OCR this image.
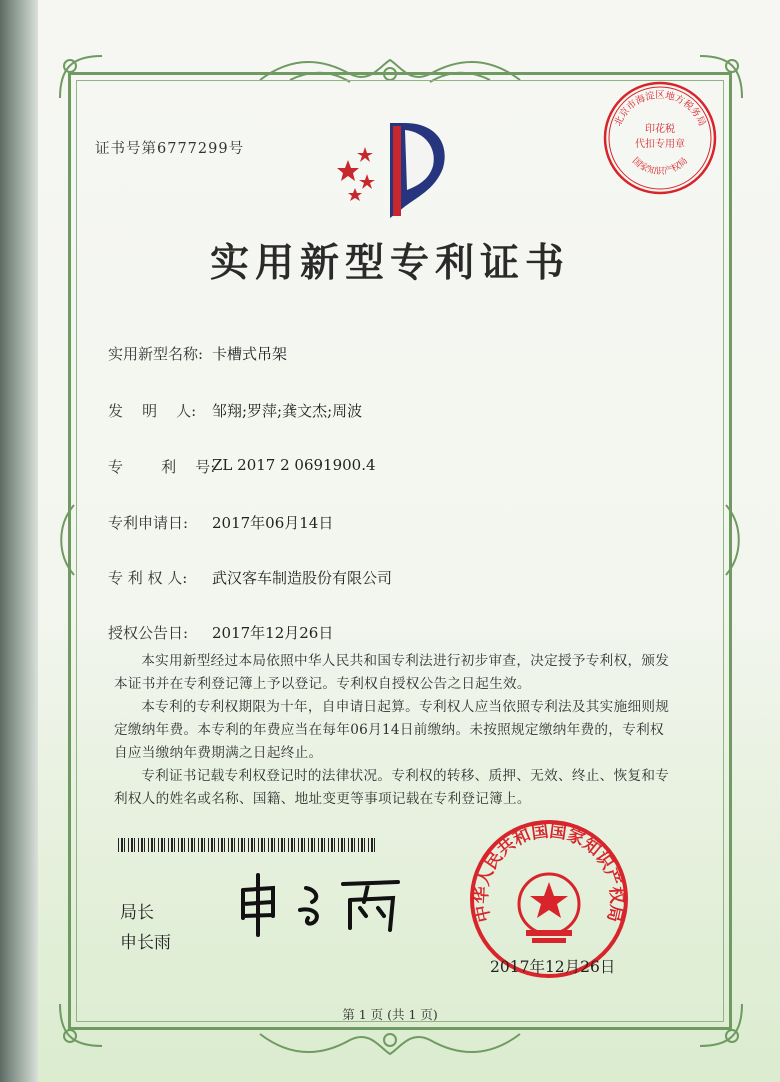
证书号第6777299号
实用新型专利证书
实用新型名称: 卡槽式吊架
发    明    人: 邹翔;罗萍;龚文杰;周波
专        利    号:
ZL 2017 2 0691900.4
专利申请日: 2017年06月14日
专 利 权 人: 武汉客车制造股份有限公司
授权公告日: 2017年12月26日

本实用新型经过本局依照中华人民共和国专利法进行初步审查，决定授予专利权，颁发本证书并在专利登记簿上予以登记。专利权自授权公告之日起生效。

本专利的专利权期限为十年，自申请日起算。专利权人应当依照专利法及其实施细则规定缴纳年费。本专利的年费应当在每年06月14日前缴纳。未按照规定缴纳年费的，专利权自应当缴纳年费期满之日起终止。

专利证书记载专利权登记时的法律状况。专利权的转移、质押、无效、终止、恢复和专利权人的姓名或名称、国籍、地址变更等事项记载在专利登记簿上。

局长
申长雨
北京市海淀区地方税务局
印花税
代扣专用章
国家知识产权局
中华人民共和国国家知识产权局
2017年12月26日
第 1 页 (共 1 页)
